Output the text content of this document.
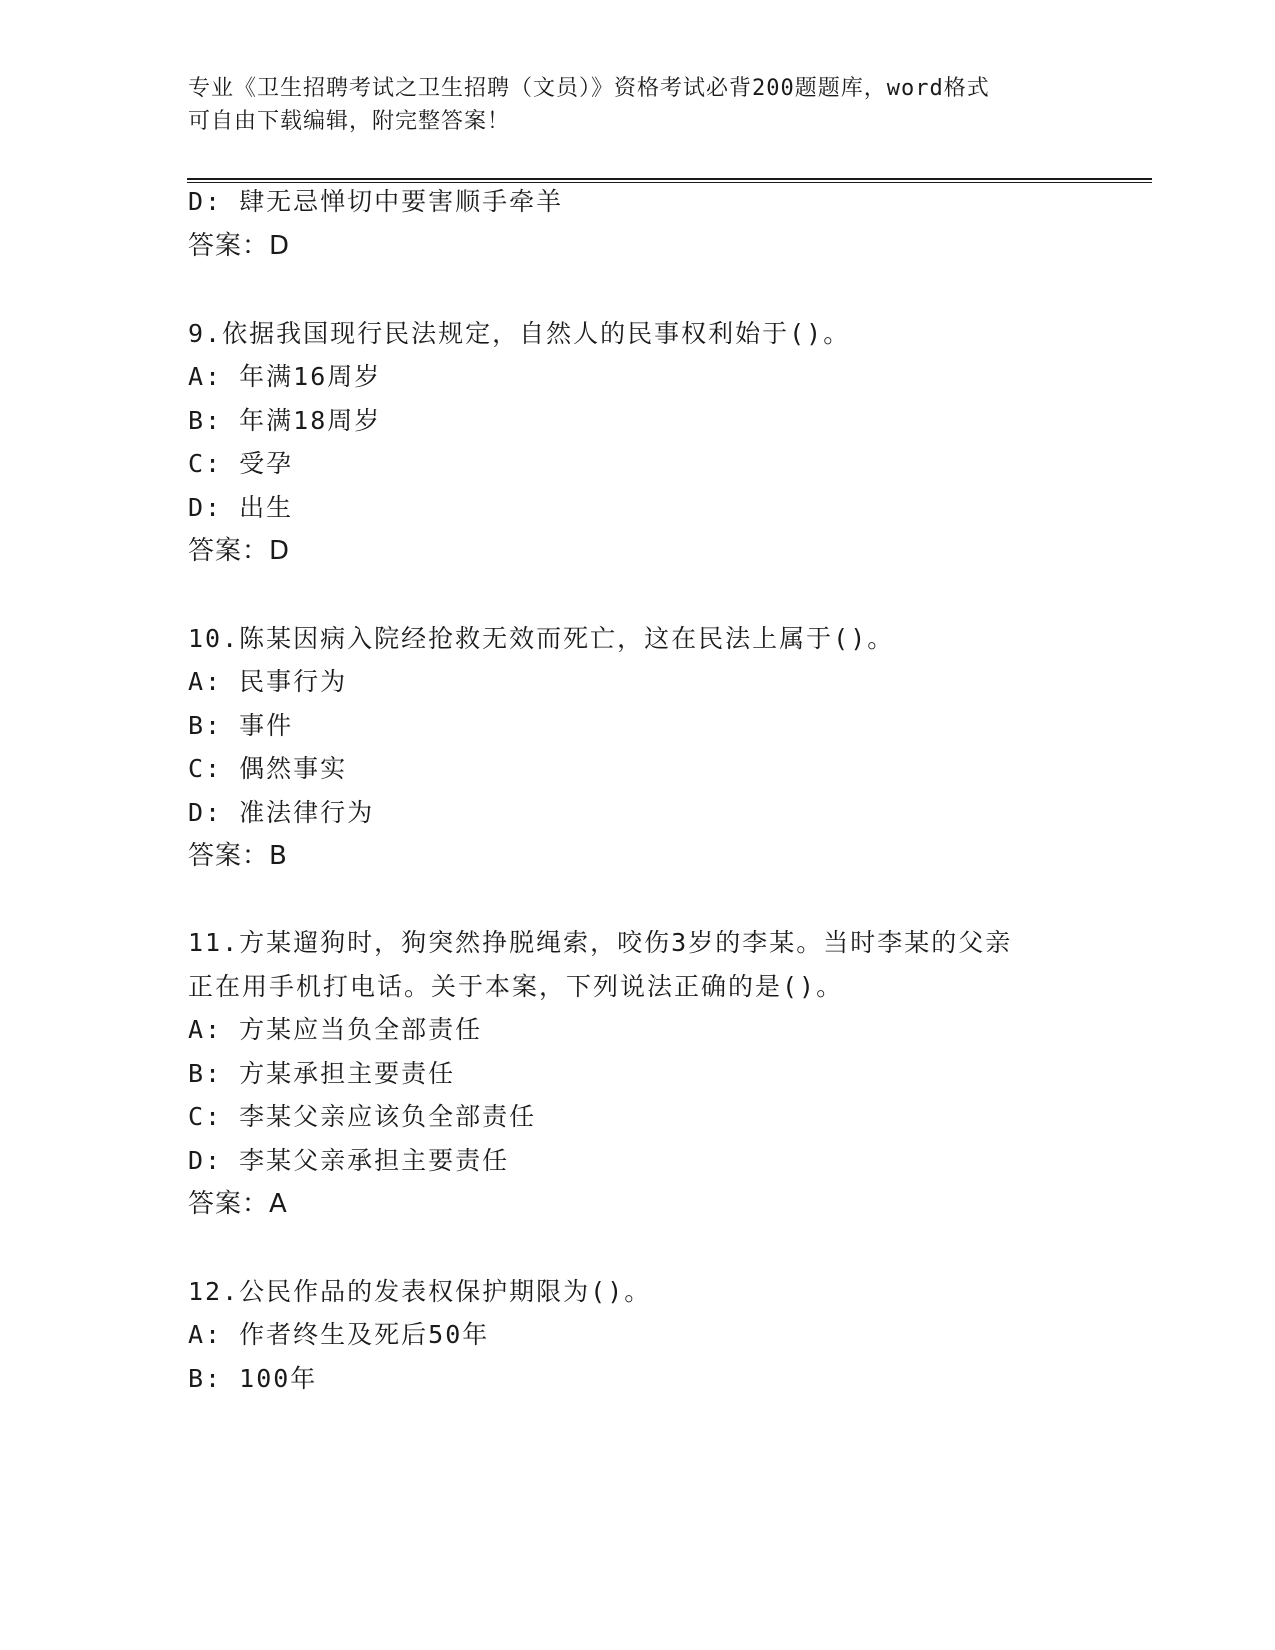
专业《卫生招聘考试之卫生招聘（文员）》资格考试必背200题题库，word格式

可自由下载编辑，附完整答案！

D: 肆无忌惮切中要害顺手牵羊

答案：D

9.依据我国现行民法规定，自然人的民事权利始于()。

A: 年满16周岁

B: 年满18周岁

C: 受孕

D: 出生

答案：D

10.陈某因病入院经抢救无效而死亡，这在民法上属于()。

A: 民事行为

B: 事件

C: 偶然事实

D: 准法律行为

答案：B

11.方某遛狗时，狗突然挣脱绳索，咬伤3岁的李某。当时李某的父亲

正在用手机打电话。关于本案，下列说法正确的是()。

A: 方某应当负全部责任

B: 方某承担主要责任

C: 李某父亲应该负全部责任

D: 李某父亲承担主要责任

答案：A

12.公民作品的发表权保护期限为()。

A: 作者终生及死后50年

B: 100年
